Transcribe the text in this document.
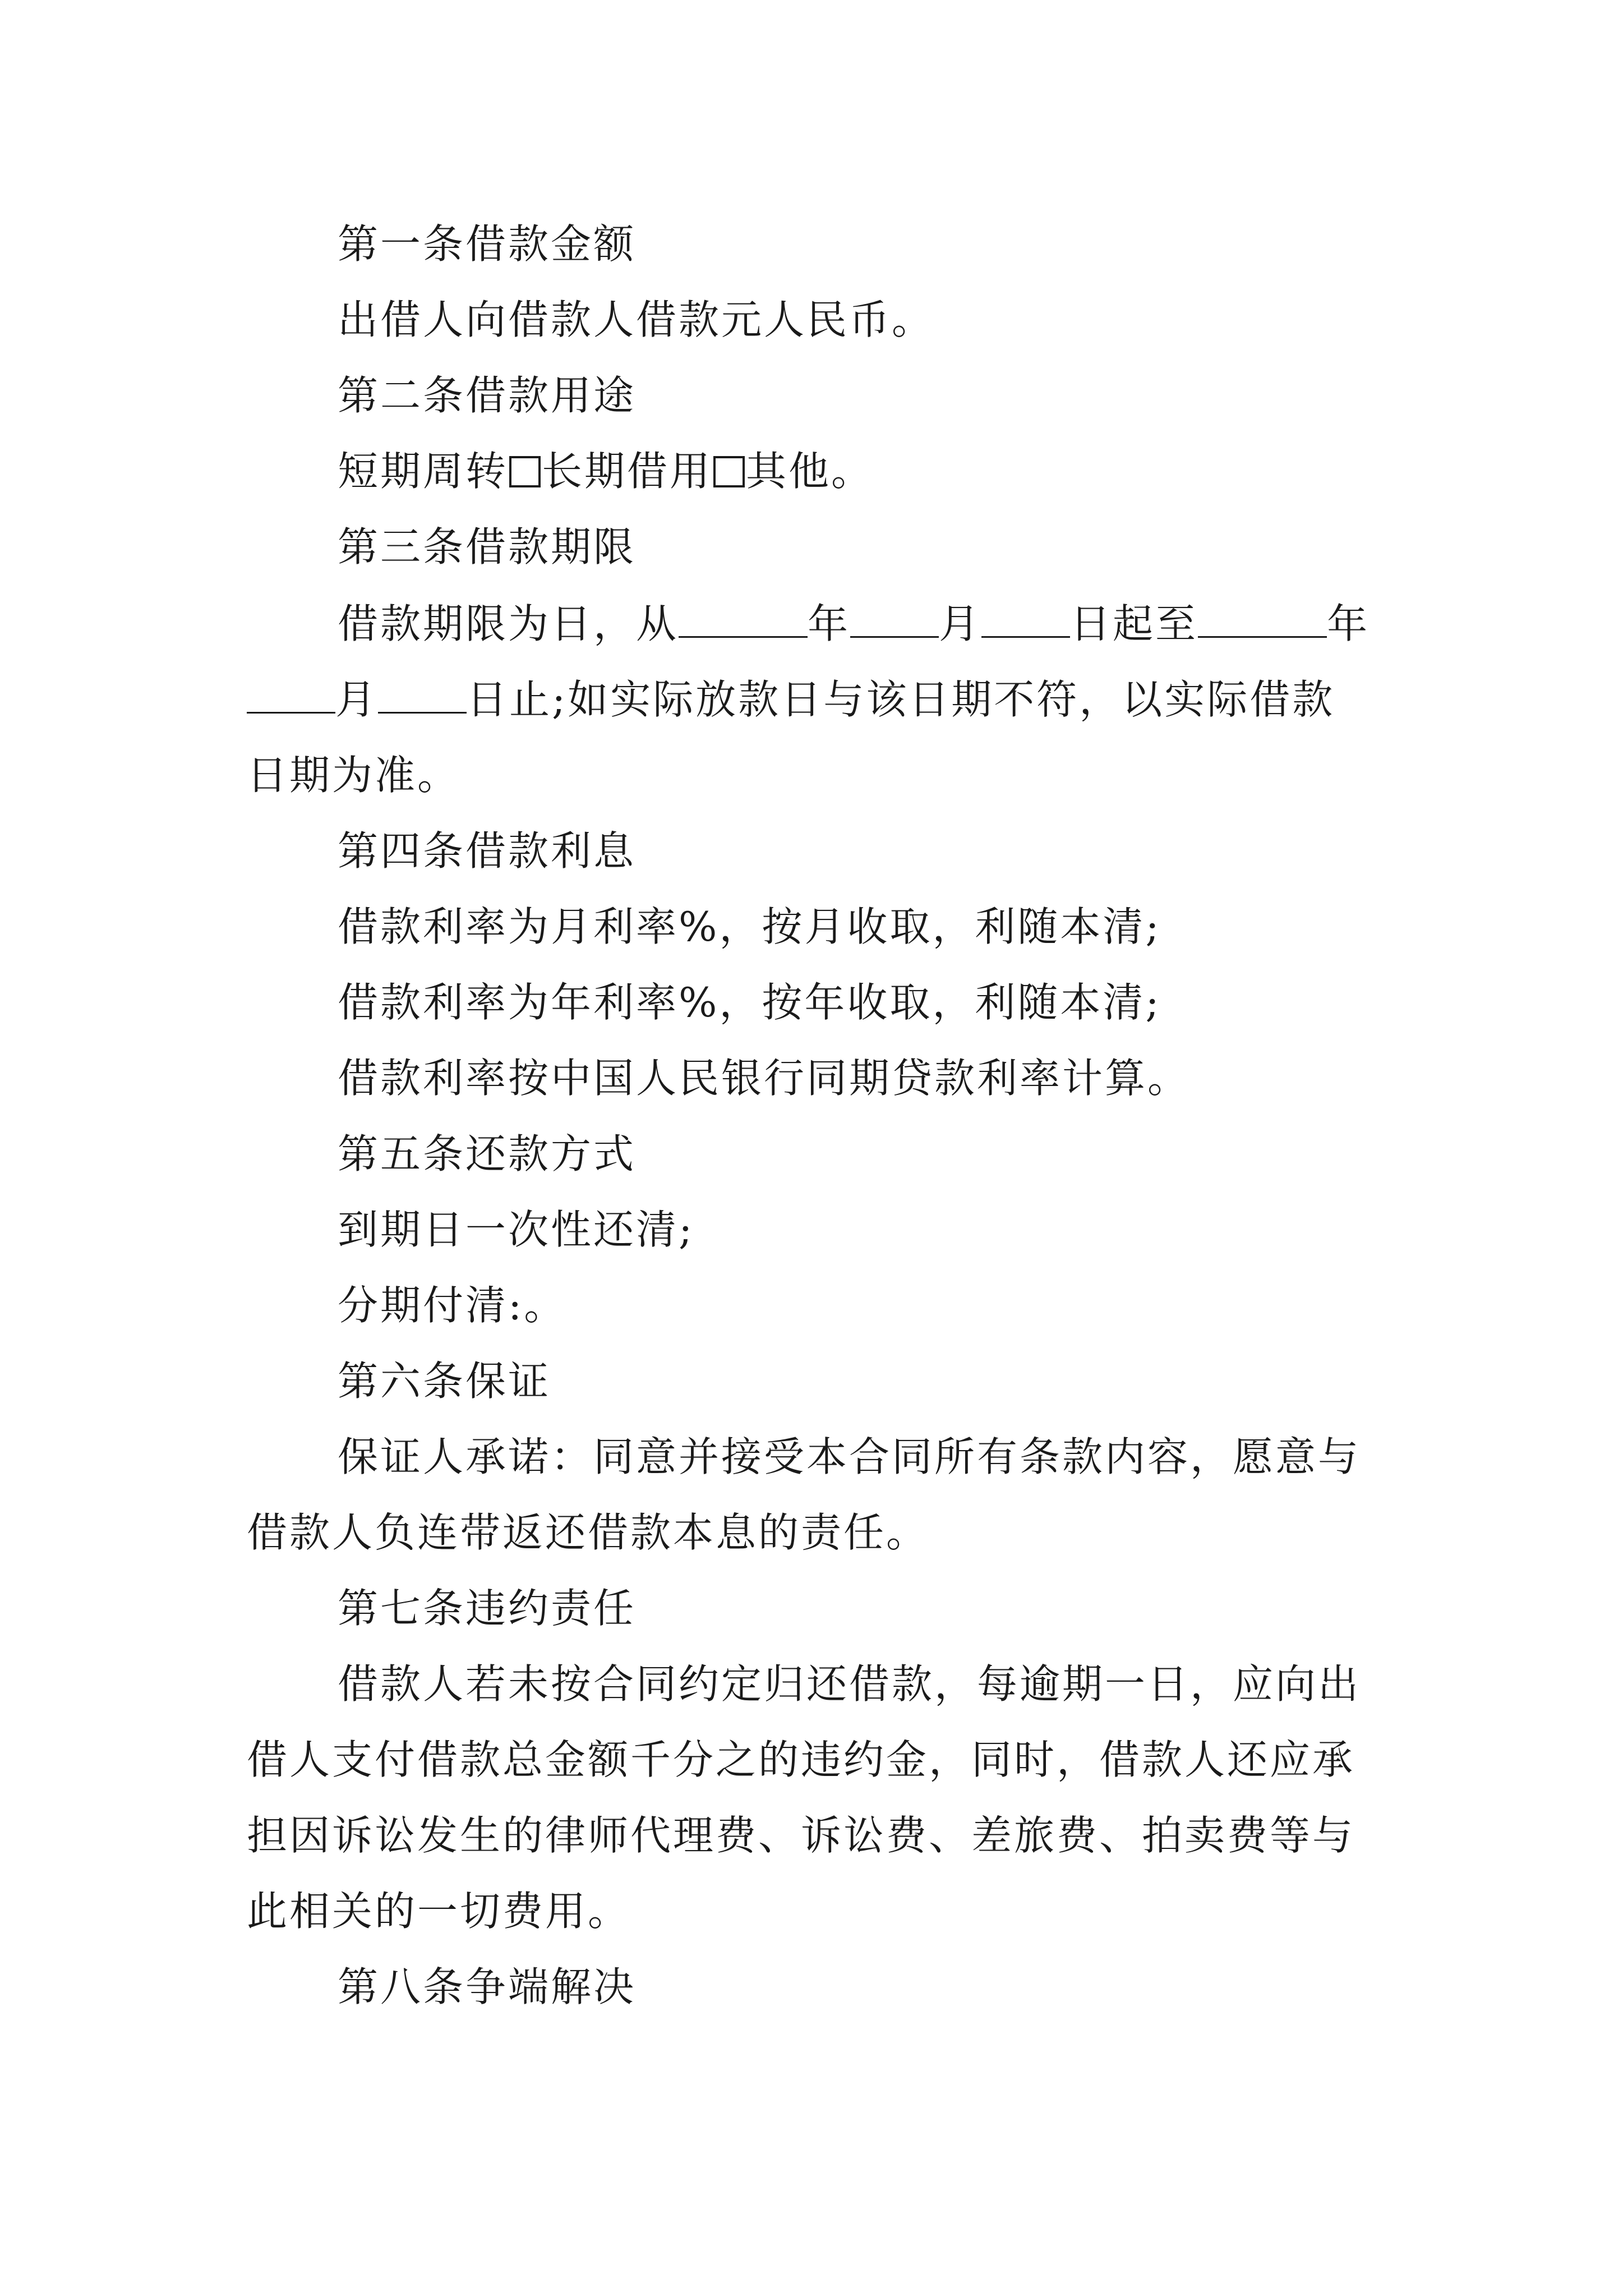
第一条借款金额
出借人向借款人借款元人民币。
第二条借款用途
短期周转 长期借用 其他。
第三条借款期限
借款期限为日，从	年 月 日起至	年
月 日止;如实际放款日与该日期不符，以实际借款
日期为准。
第四条借款利息
借款利率为月利率%，按月收取，利随本清;
借款利率为年利率%，按年收取，利随本清;
借款利率按中国人民银行同期贷款利率计算。
第五条还款方式
到期日一次性还清;
分期付清:。
第六条保证
保证人承诺：同意并接受本合同所有条款内容，愿意与
借款人负连带返还借款本息的责任。
第七条违约责任
借款人若未按合同约定归还借款，每逾期一日，应向出
借人支付借款总金额千分之的违约金，同时，借款人还应承
担因诉讼发生的律师代理费、诉讼费、差旅费、拍卖费等与
此相关的一切费用。
第八条争端解决
